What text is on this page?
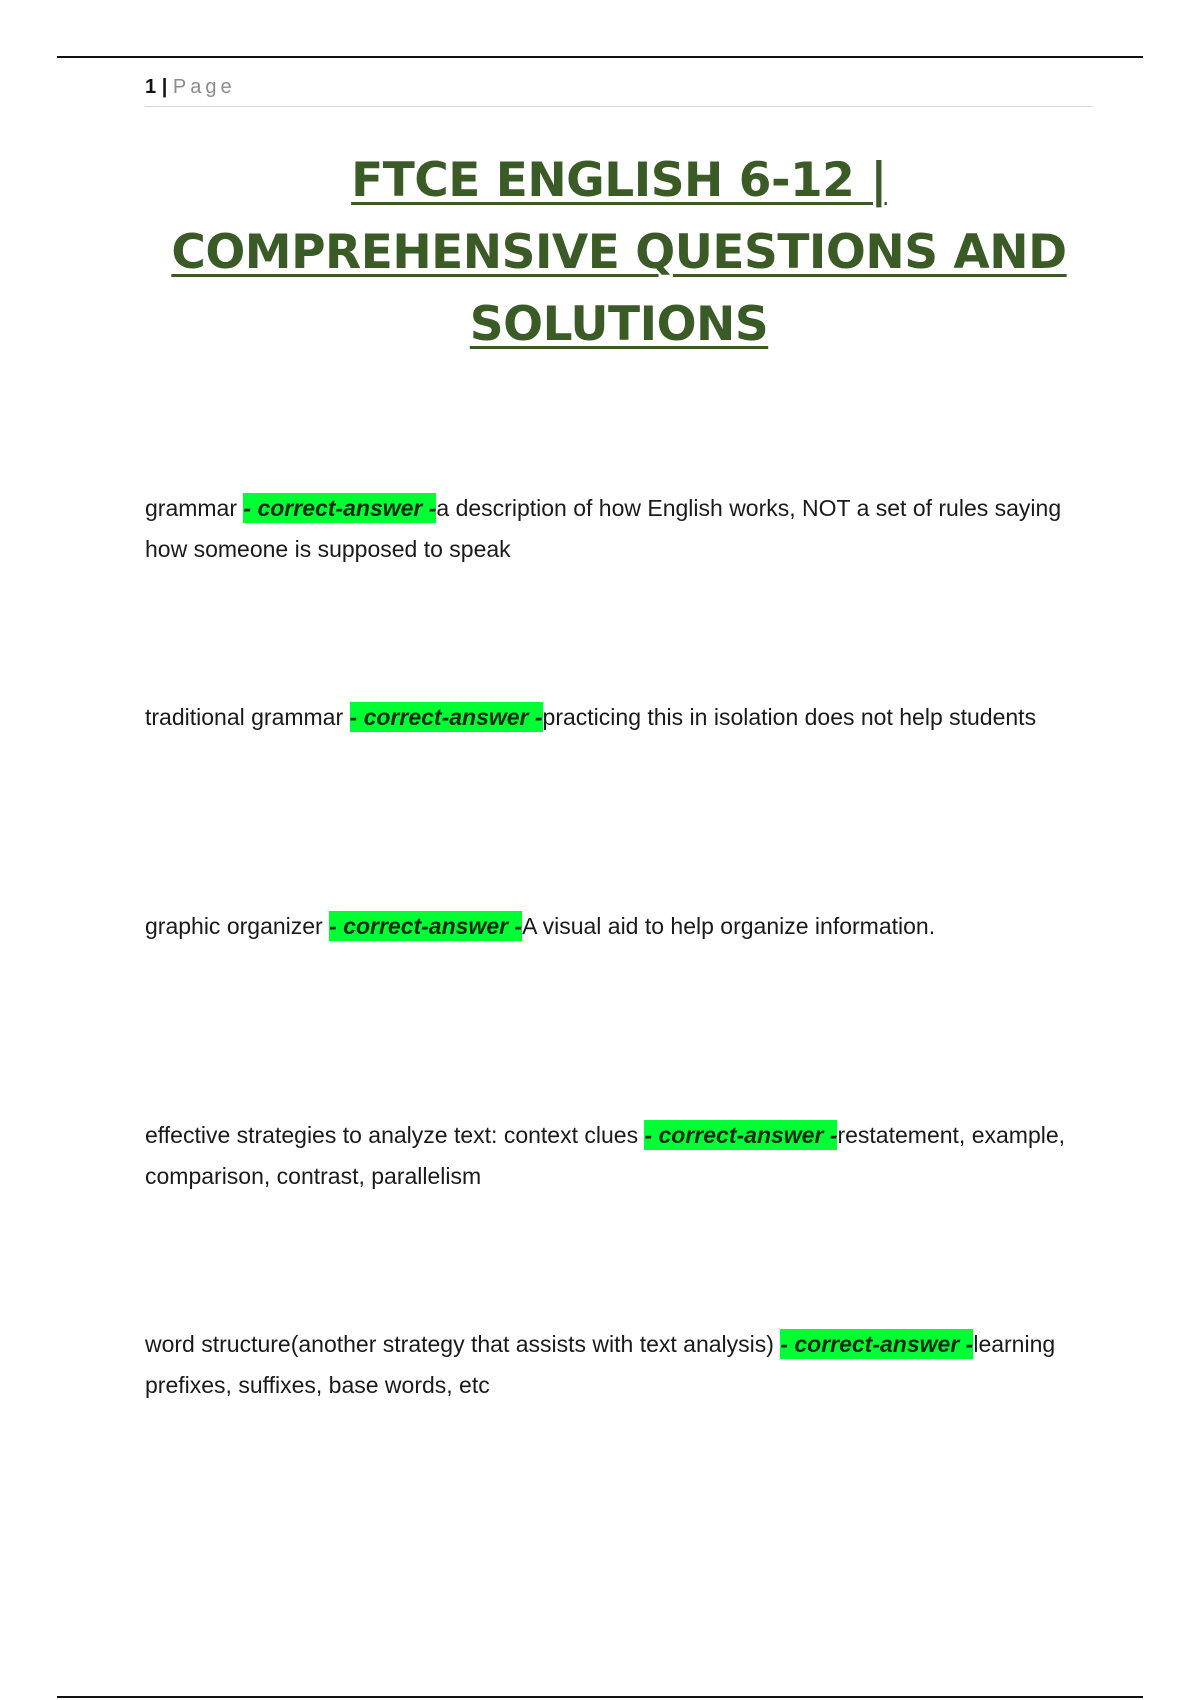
1 | Page
FTCE ENGLISH 6-12 |
COMPREHENSIVE QUESTIONS AND
SOLUTIONS
grammar - correct-answer -a description of how English works, NOT a set of rules saying how someone is supposed to speak
traditional grammar - correct-answer -practicing this in isolation does not help students
graphic organizer - correct-answer -A visual aid to help organize information.
effective strategies to analyze text: context clues - correct-answer -restatement, example, comparison, contrast, parallelism
word structure(another strategy that assists with text analysis) - correct-answer -learning prefixes, suffixes, base words, etc
